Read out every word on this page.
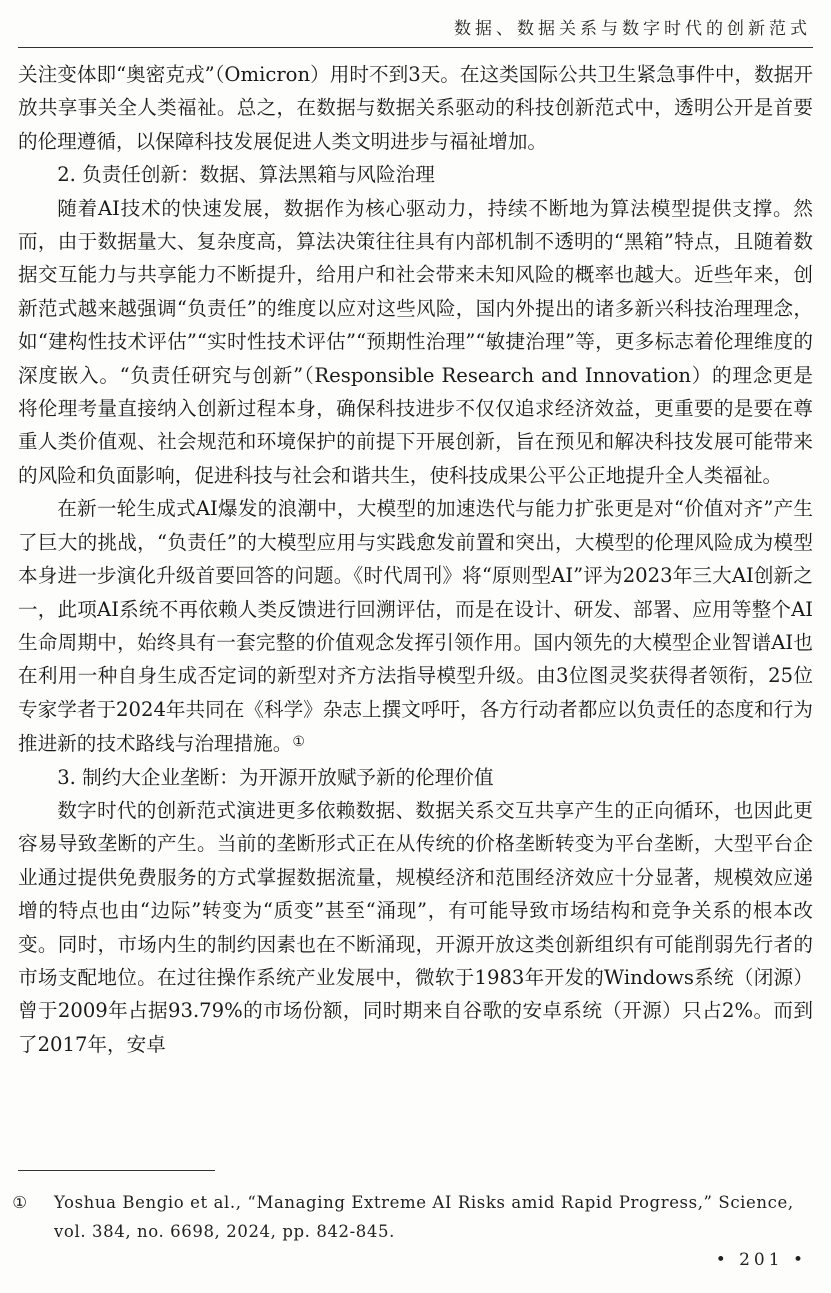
数据、数据关系与数字时代的创新范式

关注变体即“奥密克戎”（Omicron）用时不到3天。在这类国际公共卫生紧急事件中，数据开放共享事关全人类福祉。总之，在数据与数据关系驱动的科技创新范式中，透明公开是首要的伦理遵循，以保障科技发展促进人类文明进步与福祉增加。

2. 负责任创新：数据、算法黑箱与风险治理

随着AI技术的快速发展，数据作为核心驱动力，持续不断地为算法模型提供支撑。然而，由于数据量大、复杂度高，算法决策往往具有内部机制不透明的“黑箱”特点，且随着数据交互能力与共享能力不断提升，给用户和社会带来未知风险的概率也越大。近些年来，创新范式越来越强调“负责任”的维度以应对这些风险，国内外提出的诸多新兴科技治理理念，如“建构性技术评估”“实时性技术评估”“预期性治理”“敏捷治理”等，更多标志着伦理维度的深度嵌入。“负责任研究与创新”（Responsible Research and Innovation）的理念更是将伦理考量直接纳入创新过程本身，确保科技进步不仅仅追求经济效益，更重要的是要在尊重人类价值观、社会规范和环境保护的前提下开展创新，旨在预见和解决科技发展可能带来的风险和负面影响，促进科技与社会和谐共生，使科技成果公平公正地提升全人类福祉。

在新一轮生成式AI爆发的浪潮中，大模型的加速迭代与能力扩张更是对“价值对齐”产生了巨大的挑战，“负责任”的大模型应用与实践愈发前置和突出，大模型的伦理风险成为模型本身进一步演化升级首要回答的问题。《时代周刊》将“原则型AI”评为2023年三大AI创新之一，此项AI系统不再依赖人类反馈进行回溯评估，而是在设计、研发、部署、应用等整个AI生命周期中，始终具有一套完整的价值观念发挥引领作用。国内领先的大模型企业智谱AI也在利用一种自身生成否定词的新型对齐方法指导模型升级。由3位图灵奖获得者领衔，25位专家学者于2024年共同在《科学》杂志上撰文呼吁，各方行动者都应以负责任的态度和行为推进新的技术路线与治理措施。①

3. 制约大企业垄断：为开源开放赋予新的伦理价值

数字时代的创新范式演进更多依赖数据、数据关系交互共享产生的正向循环，也因此更容易导致垄断的产生。当前的垄断形式正在从传统的价格垄断转变为平台垄断，大型平台企业通过提供免费服务的方式掌握数据流量，规模经济和范围经济效应十分显著，规模效应递增的特点也由“边际”转变为“质变”甚至“涌现”，有可能导致市场结构和竞争关系的根本改变。同时，市场内生的制约因素也在不断涌现，开源开放这类创新组织有可能削弱先行者的市场支配地位。在过往操作系统产业发展中，微软于1983年开发的Windows系统（闭源）曾于2009年占据93.79%的市场份额，同时期来自谷歌的安卓系统（开源）只占2%。而到了2017年，安卓

①	Yoshua Bengio et al., “Managing Extreme AI Risks amid Rapid Progress,” Science, vol. 384, no. 6698, 2024, pp. 842-845.
• 201 •
